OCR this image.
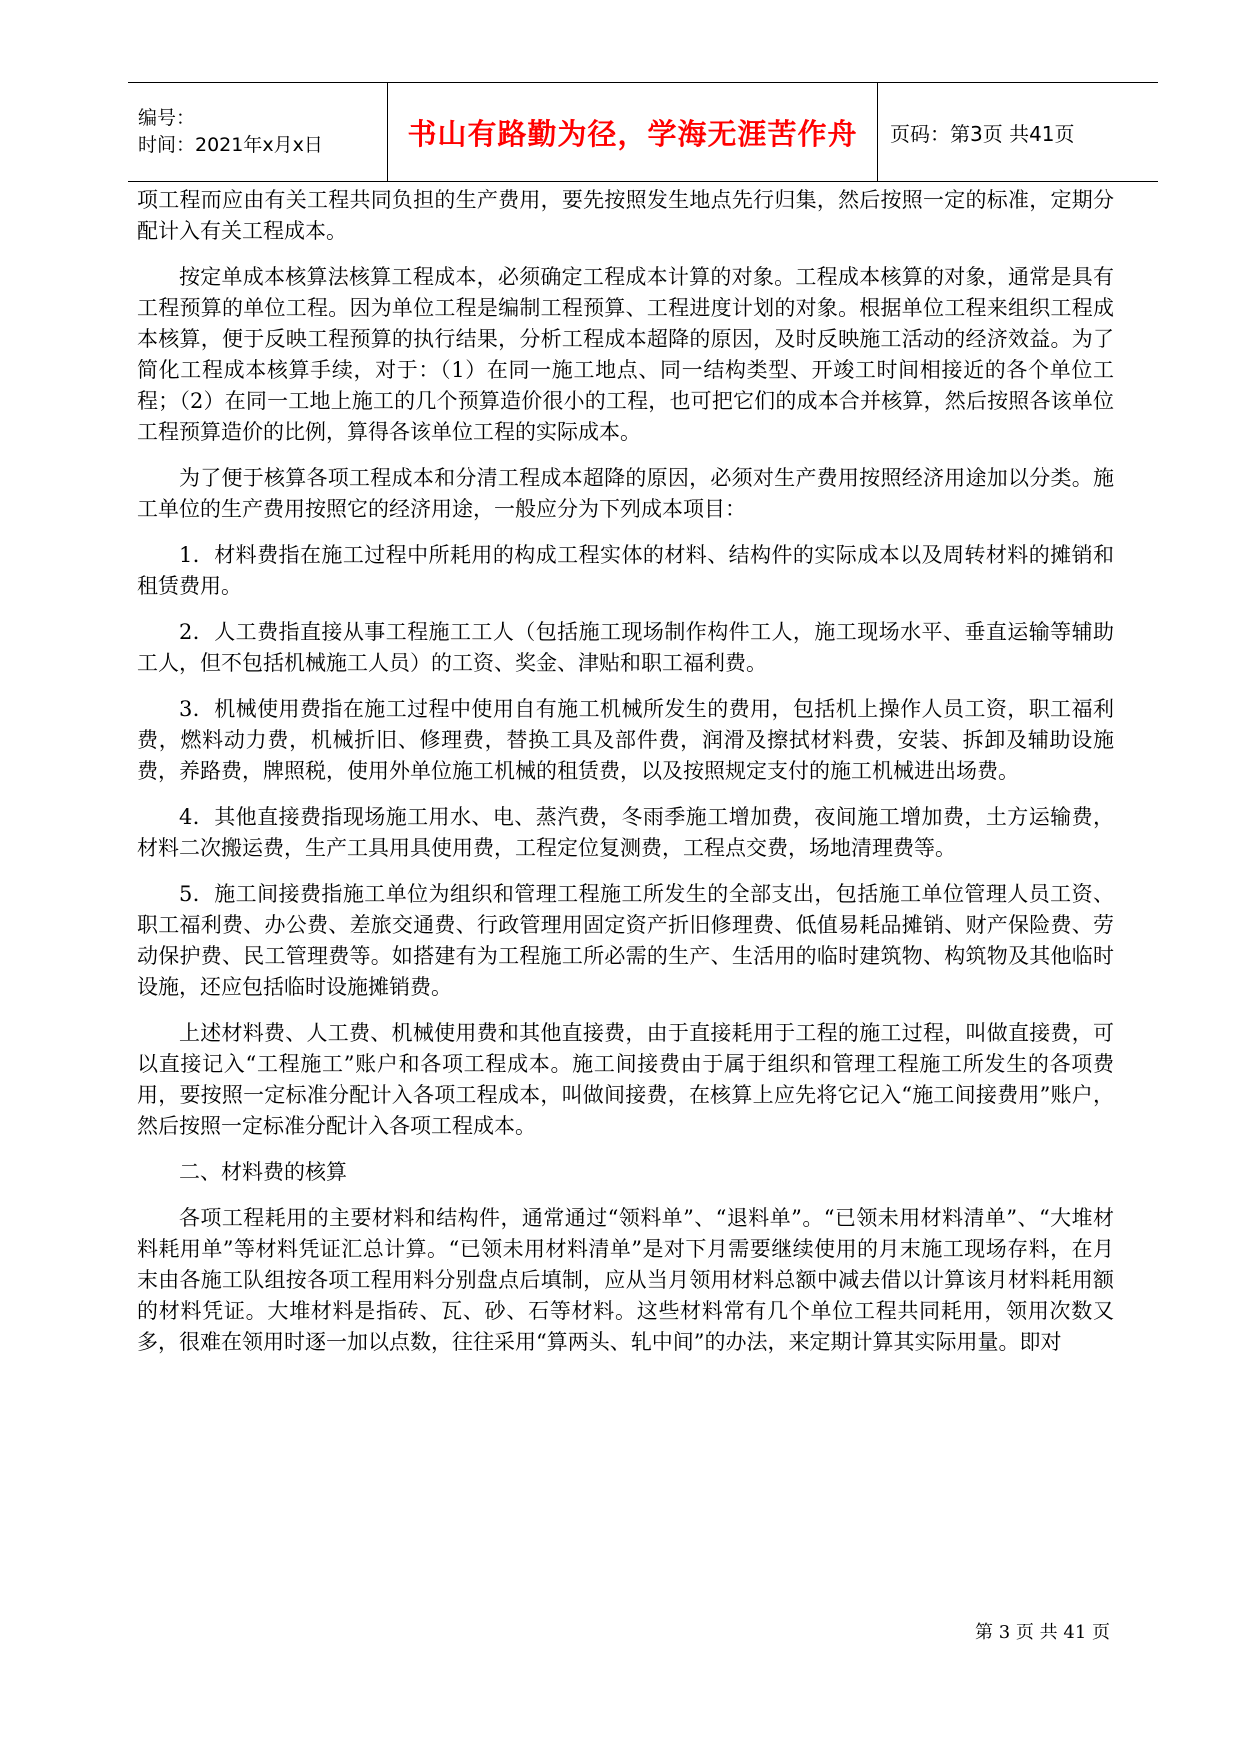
编号：
时间：2021年x月x日	书山有路勤为径，学海无涯苦作舟 页码：第3页 共41页

项工程而应由有关工程共同负担的生产费用，要先按照发生地点先行归集，然后按照一定的标准，定期分配计入有关工程成本。

按定单成本核算法核算工程成本，必须确定工程成本计算的对象。工程成本核算的对象，通常是具有工程预算的单位工程。因为单位工程是编制工程预算、工程进度计划的对象。根据单位工程来组织工程成本核算，便于反映工程预算的执行结果，分析工程成本超降的原因，及时反映施工活动的经济效益。为了简化工程成本核算手续，对于：（1）在同一施工地点、同一结构类型、开竣工时间相接近的各个单位工程；（2）在同一工地上施工的几个预算造价很小的工程，也可把它们的成本合并核算，然后按照各该单位工程预算造价的比例，算得各该单位工程的实际成本。

为了便于核算各项工程成本和分清工程成本超降的原因，必须对生产费用按照经济用途加以分类。施工单位的生产费用按照它的经济用途，一般应分为下列成本项目：

1．材料费指在施工过程中所耗用的构成工程实体的材料、结构件的实际成本以及周转材料的摊销和租赁费用。

2．人工费指直接从事工程施工工人（包括施工现场制作构件工人，施工现场水平、垂直运输等辅助工人，但不包括机械施工人员）的工资、奖金、津贴和职工福利费。

3．机械使用费指在施工过程中使用自有施工机械所发生的费用，包括机上操作人员工资，职工福利费，燃料动力费，机械折旧、修理费，替换工具及部件费，润滑及擦拭材料费，安装、拆卸及辅助设施费，养路费，牌照税，使用外单位施工机械的租赁费，以及按照规定支付的施工机械进出场费。

4．其他直接费指现场施工用水、电、蒸汽费，冬雨季施工增加费，夜间施工增加费，土方运输费，材料二次搬运费，生产工具用具使用费，工程定位复测费，工程点交费，场地清理费等。

5．施工间接费指施工单位为组织和管理工程施工所发生的全部支出，包括施工单位管理人员工资、职工福利费、办公费、差旅交通费、行政管理用固定资产折旧修理费、低值易耗品摊销、财产保险费、劳动保护费、民工管理费等。如搭建有为工程施工所必需的生产、生活用的临时建筑物、构筑物及其他临时设施，还应包括临时设施摊销费。

上述材料费、人工费、机械使用费和其他直接费，由于直接耗用于工程的施工过程，叫做直接费，可以直接记入“工程施工”账户和各项工程成本。施工间接费由于属于组织和管理工程施工所发生的各项费用，要按照一定标准分配计入各项工程成本，叫做间接费，在核算上应先将它记入“施工间接费用”账户，然后按照一定标准分配计入各项工程成本。

二、材料费的核算

各项工程耗用的主要材料和结构件，通常通过“领料单”、“退料单”。“已领未用材料清单”、“大堆材料耗用单”等材料凭证汇总计算。“已领未用材料清单”是对下月需要继续使用的月末施工现场存料，在月末由各施工队组按各项工程用料分别盘点后填制，应从当月领用材料总额中减去借以计算该月材料耗用额的材料凭证。大堆材料是指砖、瓦、砂、石等材料。这些材料常有几个单位工程共同耗用，领用次数又多，很难在领用时逐一加以点数，往往采用“算两头、轧中间”的办法，来定期计算其实际用量。即对

第 3 页 共 41 页
